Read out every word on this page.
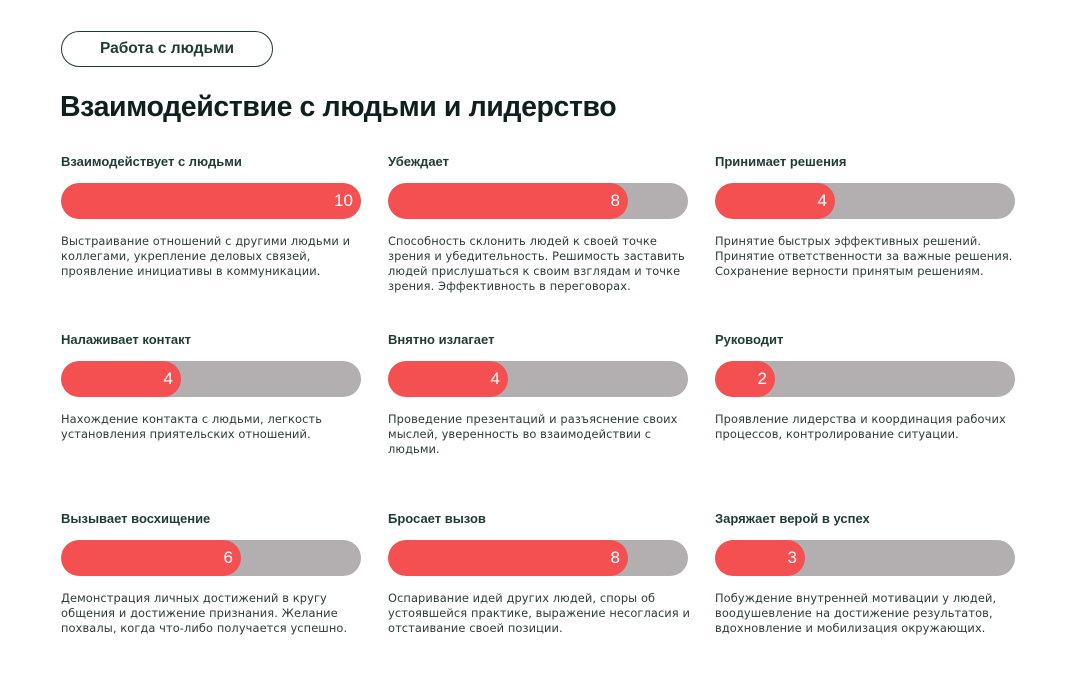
Работа с людьми
Взаимодействие с людьми и лидерство
Взаимодействует с людьми
10
Выстраивание отношений с другими людьми и коллегами, укрепление деловых связей, проявление инициативы в коммуникации.
Убеждает
8
Способность склонить людей к своей точке зрения и убедительность. Решимость заставить людей прислушаться к своим взглядам и точке зрения. Эффективность в переговорах.
Принимает решения
4
Принятие быстрых эффективных решений. Принятие ответственности за важные решения. Сохранение верности принятым решениям.
Налаживает контакт
4
Нахождение контакта с людьми, легкость установления приятельских отношений.
Внятно излагает
4
Проведение презентаций и разъяснение своих мыслей, уверенность во взаимодействии с людьми.
Руководит
2
Проявление лидерства и координация рабочих процессов, контролирование ситуации.
Вызывает восхищение
6
Демонстрация личных достижений в кругу общения и достижение признания. Желание похвалы, когда что-либо получается успешно.
Бросает вызов
8
Оспаривание идей других людей, споры об устоявшейся практике, выражение несогласия и отстаивание своей позиции.
Заряжает верой в успех
3
Побуждение внутренней мотивации у людей, воодушевление на достижение результатов, вдохновление и мобилизация окружающих.
